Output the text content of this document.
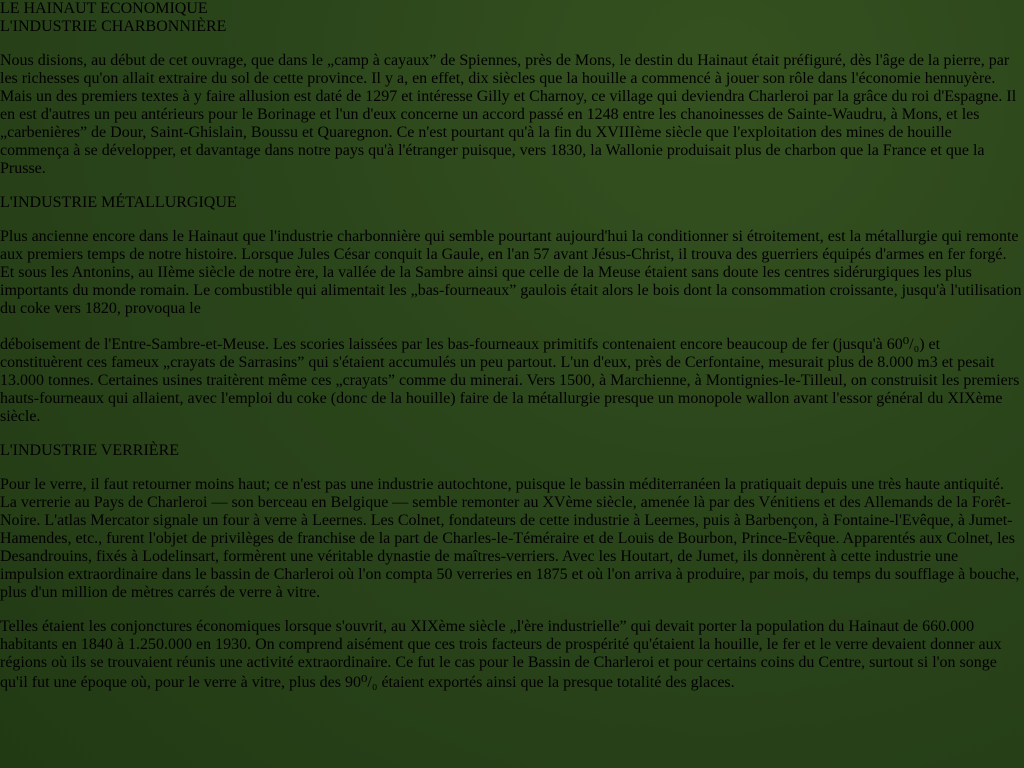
LE HAINAUT ECONOMIQUE
L'INDUSTRIE CHARBONNIÈRE

Nous disions, au début de cet ouvrage, que dans le „camp à cayaux” de Spiennes, près de Mons, le destin du Hainaut était préfiguré, dès l'âge de la pierre, par les richesses qu'on allait extraire du sol de cette province. Il y a, en effet, dix siècles que la houille a commencé à jouer son rôle dans l'économie hennuyère. Mais un des premiers textes à y faire allusion est daté de 1297 et intéresse Gilly et Charnoy, ce village qui deviendra Charleroi par la grâce du roi d'Espagne. Il en est d'autres un peu antérieurs pour le Borinage et l'un d'eux concerne un accord passé en 1248 entre les chanoinesses de Sainte-Waudru, à Mons, et les „carbenières” de Dour, Saint-Ghislain, Boussu et Quaregnon. Ce n'est pourtant qu'à la fin du XVIIIème siècle que l'exploitation des mines de houille commença à se développer, et davantage dans notre pays qu'à l'étranger puisque, vers 1830, la Wallonie produisait plus de charbon que la France et que la Prusse.

L'INDUSTRIE MÉTALLURGIQUE

Plus ancienne encore dans le Hainaut que l'industrie charbonnière qui semble pourtant aujourd'hui la conditionner si étroitement, est la métallurgie qui remonte aux premiers temps de notre histoire. Lorsque Jules César conquit la Gaule, en l'an 57 avant Jésus-Christ, il trouva des guerriers équipés d'armes en fer forgé. Et sous les Antonins, au IIème siècle de notre ère, la vallée de la Sambre ainsi que celle de la Meuse étaient sans doute les centres sidérurgiques les plus importants du monde romain. Le combustible qui alimentait les „bas-fourneaux” gaulois était alors le bois dont la consommation croissante, jusqu'à l'utilisation du coke vers 1820, provoqua le

déboisement de l'Entre-Sambre-et-Meuse. Les scories laissées par les bas-fourneaux primitifs contenaient encore beaucoup de fer (jusqu'à 60⁰/₀) et constituèrent ces fameux „crayats de Sarrasins” qui s'étaient accumulés un peu partout. L'un d'eux, près de Cerfontaine, mesurait plus de 8.000 m3 et pesait 13.000 tonnes. Certaines usines traitèrent même ces „crayats” comme du minerai. Vers 1500, à Marchienne, à Montignies-le-Tilleul, on construisit les premiers hauts-fourneaux qui allaient, avec l'emploi du coke (donc de la houille) faire de la métallurgie presque un monopole wallon avant l'essor général du XIXème siècle.

L'INDUSTRIE VERRIÈRE

Pour le verre, il faut retourner moins haut; ce n'est pas une industrie autochtone, puisque le bassin méditerranéen la pratiquait depuis une très haute antiquité. La verrerie au Pays de Charleroi — son berceau en Belgique — semble remonter au XVème siècle, amenée là par des Vénitiens et des Allemands de la Forêt-Noire. L'atlas Mercator signale un four à verre à Leernes. Les Colnet, fondateurs de cette industrie à Leernes, puis à Barbençon, à Fontaine-l'Evêque, à Jumet-Hamendes, etc., furent l'objet de privilèges de franchise de la part de Charles-le-Téméraire et de Louis de Bourbon, Prince-Evêque. Apparentés aux Colnet, les Desandrouins, fixés à Lodelinsart, formèrent une véritable dynastie de maîtres-verriers. Avec les Houtart, de Jumet, ils donnèrent à cette industrie une impulsion extraordinaire dans le bassin de Charleroi où l'on compta 50 verreries en 1875 et où l'on arriva à produire, par mois, du temps du soufflage à bouche, plus d'un million de mètres carrés de verre à vitre.

Telles étaient les conjonctures économiques lorsque s'ouvrit, au XIXème siècle „l'ère industrielle” qui devait porter la population du Hainaut de 660.000 habitants en 1840 à 1.250.000 en 1930. On comprend aisément que ces trois facteurs de prospérité qu'étaient la houille, le fer et le verre devaient donner aux régions où ils se trouvaient réunis une activité extraordinaire. Ce fut le cas pour le Bassin de Charleroi et pour certains coins du Centre, surtout si l'on songe qu'il fut une époque où, pour le verre à vitre, plus des 90⁰/₀ étaient exportés ainsi que la presque totalité des glaces.
